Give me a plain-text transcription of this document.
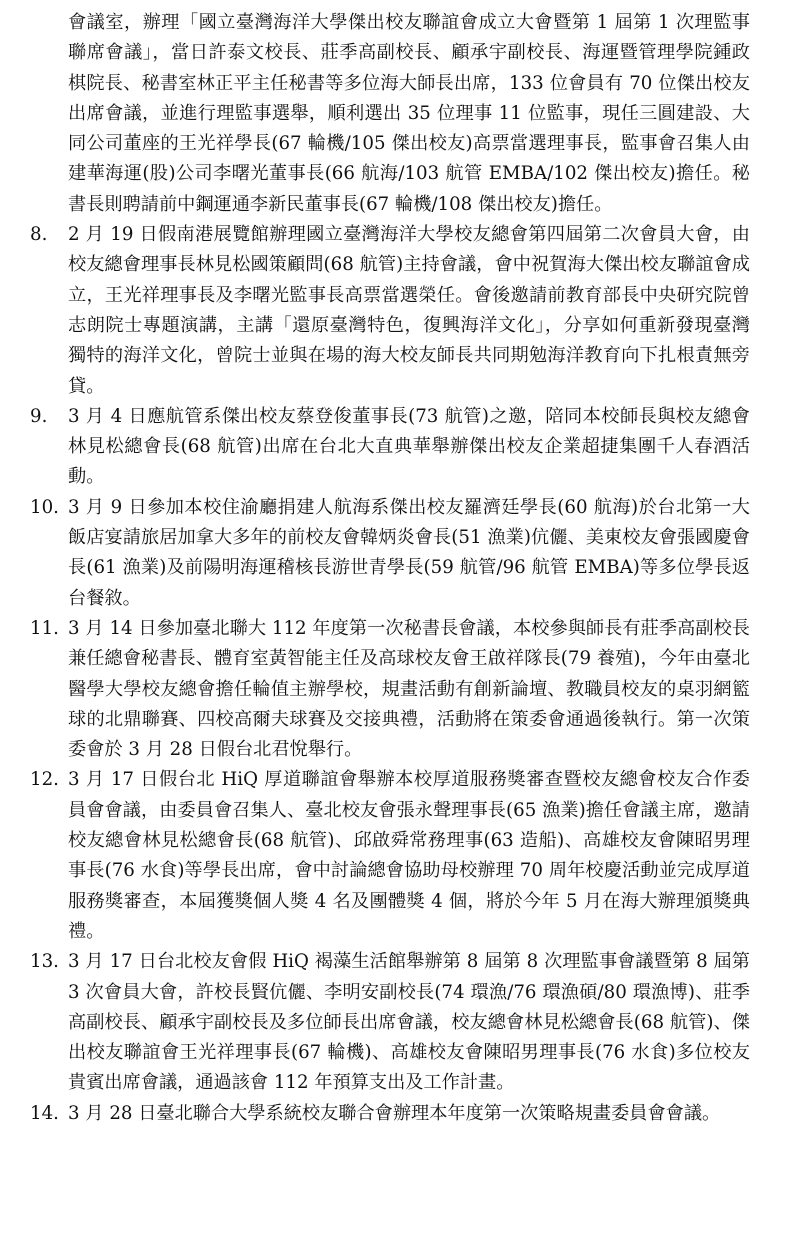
會議室，辦理「國立臺灣海洋大學傑出校友聯誼會成立大會暨第 1 屆第 1 次理監事聯席會議」，當日許泰文校長、莊季高副校長、顧承宇副校長、海運暨管理學院鍾政棋院長、秘書室林正平主任秘書等多位海大師長出席，133 位會員有 70 位傑出校友出席會議，並進行理監事選舉，順利選出 35 位理事 11 位監事，現任三圓建設、大同公司董座的王光祥學長(67 輪機/105 傑出校友)高票當選理事長，監事會召集人由建華海運(股)公司李曙光董事長(66 航海/103 航管 EMBA/102 傑出校友)擔任。秘書長則聘請前中鋼運通李新民董事長(67 輪機/108 傑出校友)擔任。

8. 2 月 19 日假南港展覽館辦理國立臺灣海洋大學校友總會第四屆第二次會員大會，由校友總會理事長林見松國策顧問(68 航管)主持會議，會中祝賀海大傑出校友聯誼會成立，王光祥理事長及李曙光監事長高票當選榮任。會後邀請前教育部長中央研究院曾志朗院士專題演講，主講「還原臺灣特色，復興海洋文化」，分享如何重新發現臺灣獨特的海洋文化，曾院士並與在場的海大校友師長共同期勉海洋教育向下扎根責無旁貸。

9. 3 月 4 日應航管系傑出校友蔡登俊董事長(73 航管)之邀，陪同本校師長與校友總會林見松總會長(68 航管)出席在台北大直典華舉辦傑出校友企業超捷集團千人春酒活動。

10. 3 月 9 日參加本校住渝廳捐建人航海系傑出校友羅濟廷學長(60 航海)於台北第一大飯店宴請旅居加拿大多年的前校友會韓炳炎會長(51 漁業)伉儷、美東校友會張國慶會長(61 漁業)及前陽明海運稽核長游世青學長(59 航管/96 航管 EMBA)等多位學長返台餐敘。

11. 3 月 14 日參加臺北聯大 112 年度第一次秘書長會議，本校參與師長有莊季高副校長兼任總會秘書長、體育室黃智能主任及高球校友會王啟祥隊長(79 養殖)，今年由臺北醫學大學校友總會擔任輪值主辦學校，規畫活動有創新論壇、教職員校友的桌羽網籃球的北鼎聯賽、四校高爾夫球賽及交接典禮，活動將在策委會通過後執行。第一次策委會於 3 月 28 日假台北君悅舉行。

12. 3 月 17 日假台北 HiQ 厚道聯誼會舉辦本校厚道服務獎審查暨校友總會校友合作委員會會議，由委員會召集人、臺北校友會張永聲理事長(65 漁業)擔任會議主席，邀請校友總會林見松總會長(68 航管)、邱啟舜常務理事(63 造船)、高雄校友會陳昭男理事長(76 水食)等學長出席，會中討論總會協助母校辦理 70 周年校慶活動並完成厚道服務獎審查，本屆獲獎個人獎 4 名及團體獎 4 個，將於今年 5 月在海大辦理頒獎典禮。

13. 3 月 17 日台北校友會假 HiQ 褐藻生活館舉辦第 8 屆第 8 次理監事會議暨第 8 屆第 3 次會員大會，許校長賢伉儷、李明安副校長(74 環漁/76 環漁碩/80 環漁博)、莊季高副校長、顧承宇副校長及多位師長出席會議，校友總會林見松總會長(68 航管)、傑出校友聯誼會王光祥理事長(67 輪機)、高雄校友會陳昭男理事長(76 水食)多位校友貴賓出席會議，通過該會 112 年預算支出及工作計畫。

14. 3 月 28 日臺北聯合大學系統校友聯合會辦理本年度第一次策略規畫委員會會議。
